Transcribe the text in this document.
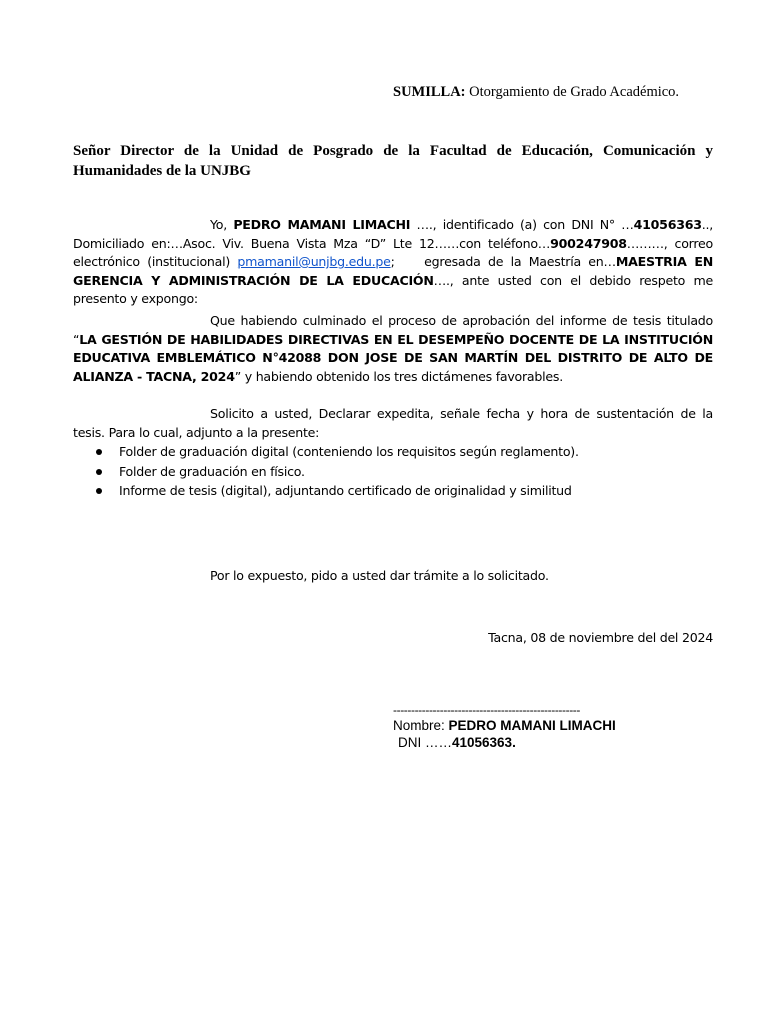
SUMILLA: Otorgamiento de Grado Académico.
Señor Director de la Unidad de Posgrado de la Facultad de Educación, Comunicación y Humanidades de la UNJBG
Yo, PEDRO MAMANI LIMACHI …., identificado (a) con DNI N° …41056363.., Domiciliado en:…Asoc. Viv. Buena Vista Mza “D” Lte 12……con teléfono…900247908………, correo electrónico (institucional) pmamanil@unjbg.edu.pe;    egresada de la Maestría en…MAESTRIA EN GERENCIA Y ADMINISTRACIÓN DE LA EDUCACIÓN…., ante usted con el debido respeto me presento y expongo:
Que habiendo culminado el proceso de aprobación del informe de tesis titulado “LA GESTIÓN DE HABILIDADES DIRECTIVAS EN EL DESEMPEÑO DOCENTE DE LA INSTITUCIÓN EDUCATIVA EMBLEMÁTICO N°42088 DON JOSE DE SAN MARTÍN DEL DISTRITO DE ALTO DE ALIANZA - TACNA, 2024” y habiendo obtenido los tres dictámenes favorables.
Solicito a usted, Declarar expedita, señale fecha y hora de sustentación de la tesis. Para lo cual, adjunto a la presente:
Folder de graduación digital (conteniendo los requisitos según reglamento).
Folder de graduación en físico.
Informe de tesis (digital), adjuntando certificado de originalidad y similitud
Por lo expuesto, pido a usted dar trámite a lo solicitado.
Tacna, 08 de noviembre del del 2024
----------------------------------------------------
Nombre: PEDRO MAMANI LIMACHI
DNI ……41056363.
